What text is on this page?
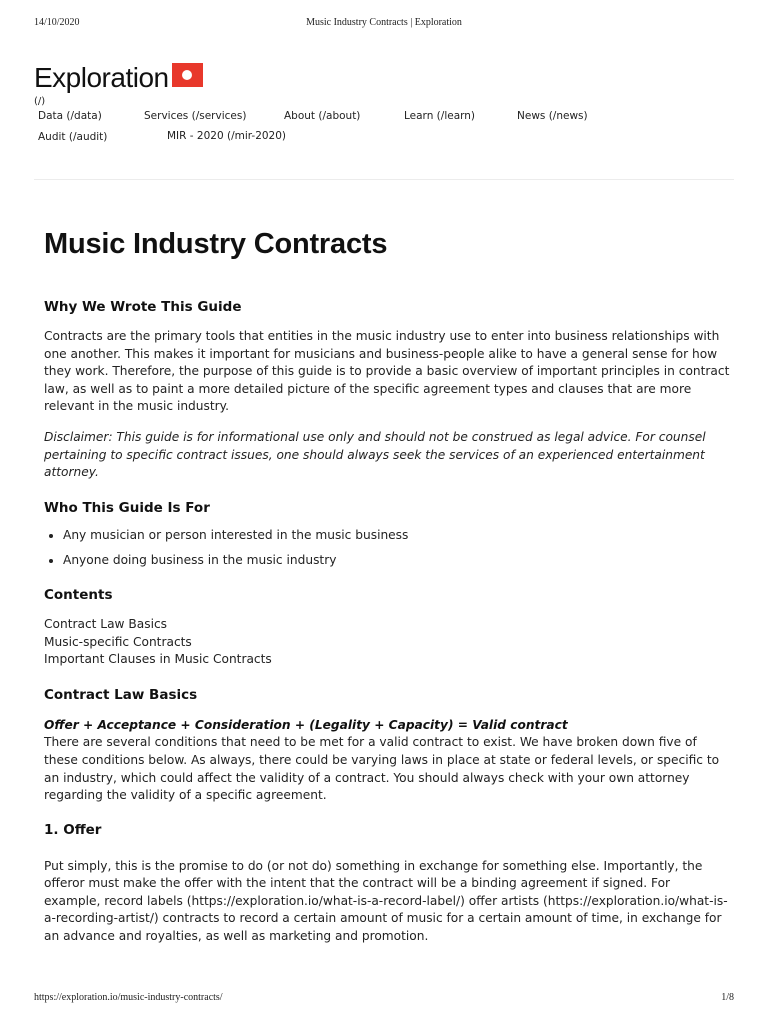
14/10/2020	Music Industry Contracts | Exploration
Exploration
(/)
Data (/data)	Services (/services)	About (/about)	Learn (/learn)	News (/news)
Audit (/audit)	MIR - 2020 (/mir-2020)
Music Industry Contracts
Why We Wrote This Guide

Contracts are the primary tools that entities in the music industry use to enter into business relationships with one another. This makes it important for musicians and business-people alike to have a general sense for how they work. Therefore, the purpose of this guide is to provide a basic overview of important principles in contract law, as well as to paint a more detailed picture of the specific agreement types and clauses that are more relevant in the music industry.

Disclaimer: This guide is for informational use only and should not be construed as legal advice. For counsel pertaining to specific contract issues, one should always seek the services of an experienced entertainment attorney.

Who This Guide Is For
• Any musician or person interested in the music business
• Anyone doing business in the music industry
Contents
Contract Law Basics
Music-specific Contracts
Important Clauses in Music Contracts
Contract Law Basics
Offer + Acceptance + Consideration + (Legality + Capacity) = Valid contract

There are several conditions that need to be met for a valid contract to exist. We have broken down five of these conditions below. As always, there could be varying laws in place at state or federal levels, or specific to an industry, which could affect the validity of a contract. You should always check with your own attorney regarding the validity of a specific agreement.

1. Offer

Put simply, this is the promise to do (or not do) something in exchange for something else. Importantly, the offeror must make the offer with the intent that the contract will be a binding agreement if signed. For example, record labels (https://exploration.io/what-is-a-record-label/) offer artists (https://exploration.io/what-is-a-recording-artist/) contracts to record a certain amount of music for a certain amount of time, in exchange for an advance and royalties, as well as marketing and promotion.

https://exploration.io/music-industry-contracts/	1/8
